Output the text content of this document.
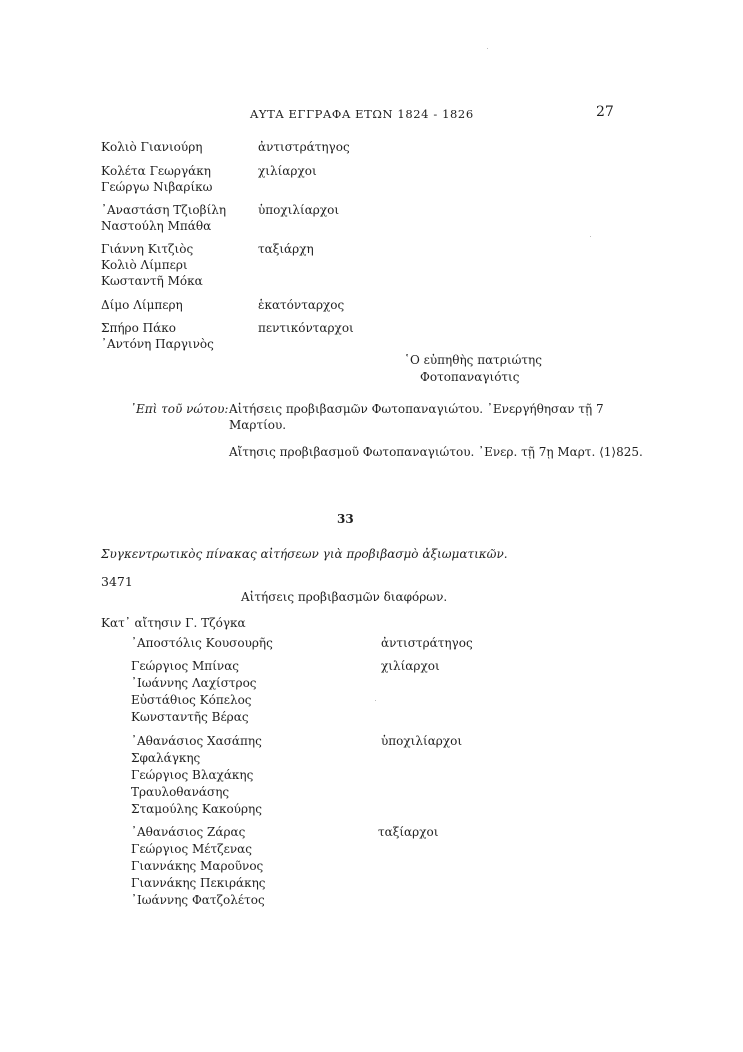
ΑΥΤΑ ΕΓΓΡΑΦΑ ΕΤΩΝ 1824 - 1826	27
Κολιὸ Γιανιούρη	ἀντιστράτηγος
Κολέτα Γεωργάκη	χιλίαρχοι
Γεώργω Νιβαρίκω
᾿Αναστάση Τζιοβίλη	ὑποχιλίαρχοι
Ναστούλη Μπάθα
Γιάννη Κιτζιὸς	ταξιάρχη
Κολιὸ Λίμπερι
Κωσταντῆ Μόκα
Δίμο Λίμπερη	ἑκατόνταρχος
Σπήρο Πάκο	πεντικόνταρχοι
᾿Αντόνη Παργινὸς
῾Ο εὐπηθὴς πατριώτης
Φοτοπαναγιότις
᾿Επὶ τοῦ νώτου: Αἰτήσεις προβιβασμῶν Φωτοπαναγιώτου. ᾿Ενεργήθησαν τῇ 7
Μαρτίου.
Αἴτησις προβιβασμοῦ Φωτοπαναγιώτου. ᾿Ενερ. τῇ 7ῃ Μαρτ. ⟨1⟩825.
33
Συγκεντρωτικὸς πίνακας αἰτήσεων γιὰ προβιβασμὸ ἀξιωματικῶν.
3471
Αἰτήσεις προβιβασμῶν διαφόρων.
Κατ᾿ αἴτησιν Γ. Τζόγκα
᾿Αποστόλις Κουσουρῆς	ἀντιστράτηγος
Γεώργιος Μπίνας	χιλίαρχοι
᾿Ιωάννης Λαχίστρος
Εὐστάθιος Κόπελος
Κωνσταντῆς Βέρας
᾿Αθανάσιος Χασάπης	ὑποχιλίαρχοι
Σφαλάγκης
Γεώργιος Βλαχάκης
Τραυλοθανάσης
Σταμούλης Κακούρης
᾿Αθανάσιος Ζάρας	ταξίαρχοι
Γεώργιος Μέτζενας
Γιαννάκης Μαροῦνος
Γιαννάκης Πεκιράκης
᾿Ιωάννης Φατζολέτος
